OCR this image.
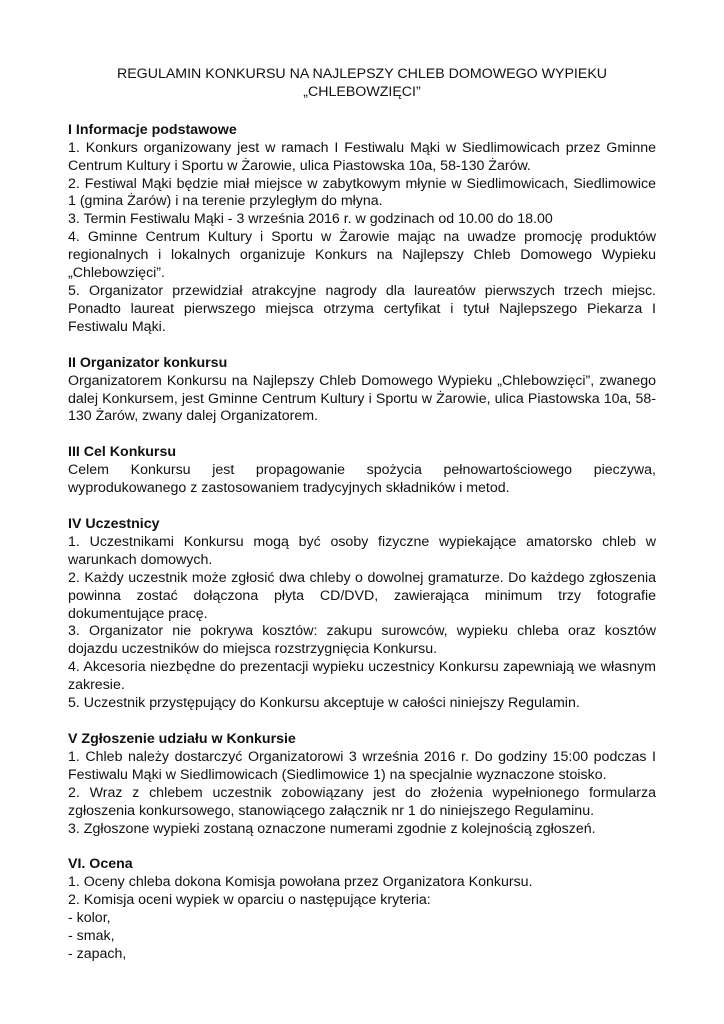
REGULAMIN KONKURSU NA NAJLEPSZY CHLEB DOMOWEGO WYPIEKU
„CHLEBOWZIĘCI”
I Informacje podstawowe

1. Konkurs organizowany jest w ramach I Festiwalu Mąki w Siedlimowicach przez Gminne Centrum Kultury i Sportu w Żarowie, ulica Piastowska 10a, 58-130 Żarów.

2. Festiwal Mąki będzie miał miejsce w zabytkowym młynie w Siedlimowicach, Siedlimowice 1 (gmina Żarów) i na terenie przyległym do młyna.

3. Termin Festiwalu Mąki - 3 września 2016 r. w godzinach od 10.00 do 18.00

4. Gminne Centrum Kultury i Sportu w Żarowie mając na uwadze promocję produktów regionalnych i lokalnych organizuje Konkurs na Najlepszy Chleb Domowego Wypieku „Chlebowzięci”.

5. Organizator przewidział atrakcyjne nagrody dla laureatów pierwszych trzech miejsc. Ponadto laureat pierwszego miejsca otrzyma certyfikat i tytuł Najlepszego Piekarza I Festiwalu Mąki.

II Organizator konkursu

Organizatorem Konkursu na Najlepszy Chleb Domowego Wypieku „Chlebowzięci”, zwanego dalej Konkursem, jest Gminne Centrum Kultury i Sportu w Żarowie, ulica Piastowska 10a, 58-130 Żarów, zwany dalej Organizatorem.

III Cel Konkursu

Celem Konkursu jest propagowanie spożycia pełnowartościowego pieczywa, wyprodukowanego z zastosowaniem tradycyjnych składników i metod.

IV Uczestnicy

1. Uczestnikami Konkursu mogą być osoby fizyczne wypiekające amatorsko chleb w warunkach domowych.

2. Każdy uczestnik może zgłosić dwa chleby o dowolnej gramaturze. Do każdego zgłoszenia powinna zostać dołączona płyta CD/DVD, zawierająca minimum trzy fotografie dokumentujące pracę.

3. Organizator nie pokrywa kosztów: zakupu surowców, wypieku chleba oraz kosztów dojazdu uczestników do miejsca rozstrzygnięcia Konkursu.

4. Akcesoria niezbędne do prezentacji wypieku uczestnicy Konkursu zapewniają we własnym zakresie.

5. Uczestnik przystępujący do Konkursu akceptuje w całości niniejszy Regulamin.

V Zgłoszenie udziału w Konkursie

1. Chleb należy dostarczyć Organizatorowi 3 września 2016 r. Do godziny 15:00 podczas I Festiwalu Mąki w Siedlimowicach (Siedlimowice 1) na specjalnie wyznaczone stoisko.

2. Wraz z chlebem uczestnik zobowiązany jest do złożenia wypełnionego formularza zgłoszenia konkursowego, stanowiącego załącznik nr 1 do niniejszego Regulaminu.

3. Zgłoszone wypieki zostaną oznaczone numerami zgodnie z kolejnością zgłoszeń.

VI. Ocena

1. Oceny chleba dokona Komisja powołana przez Organizatora Konkursu.

2. Komisja oceni wypiek w oparciu o następujące kryteria:

- kolor,

- smak,

- zapach,
